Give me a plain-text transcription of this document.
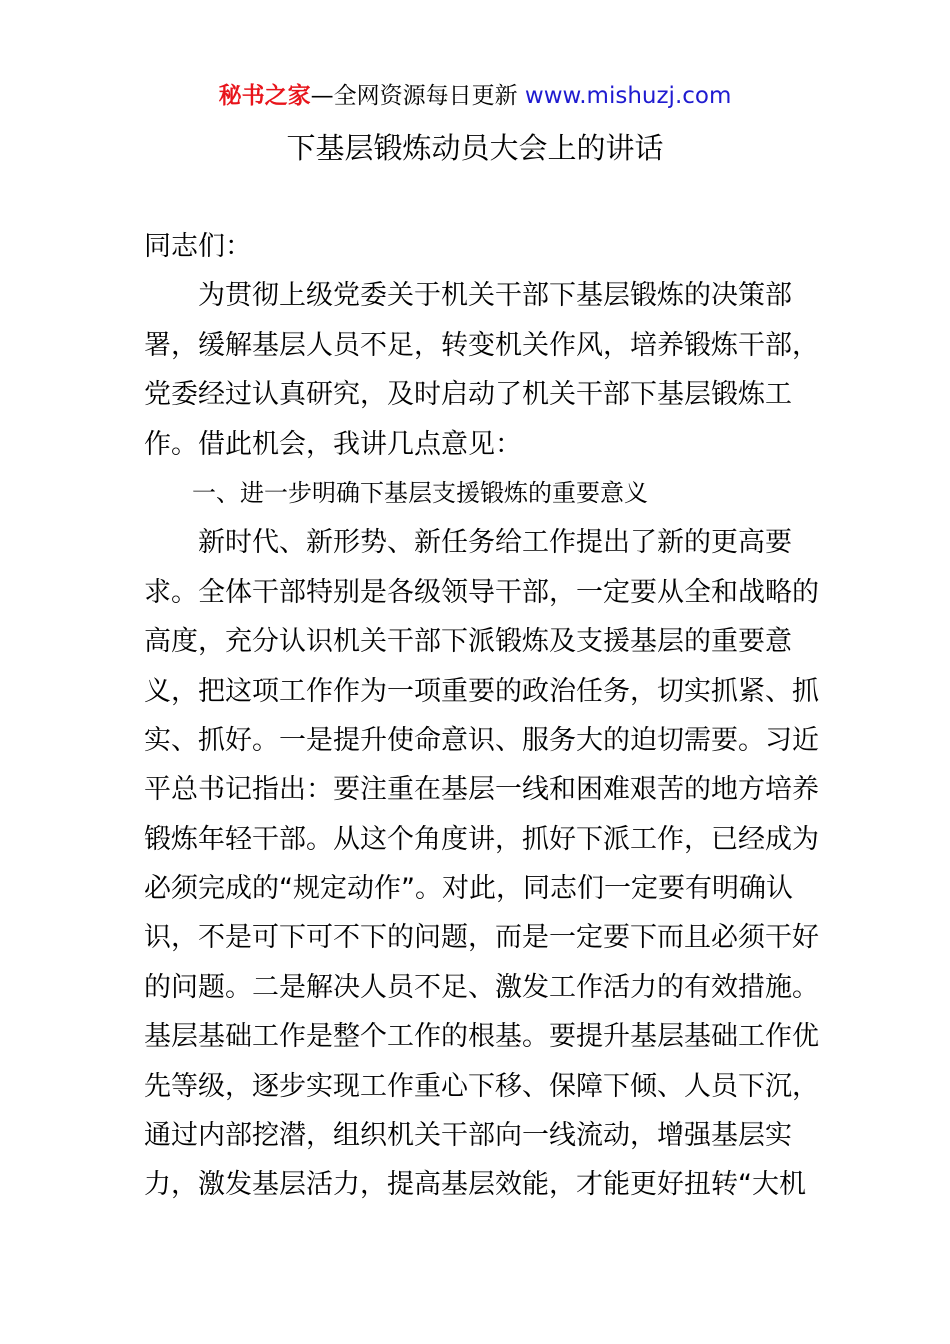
秘书之家—全网资源每日更新 www.mishuzj.com
下基层锻炼动员大会上的讲话
同志们：
　　为贯彻上级党委关于机关干部下基层锻炼的决策部
署，缓解基层人员不足，转变机关作风，培养锻炼干部，
党委经过认真研究，及时启动了机关干部下基层锻炼工
作。借此机会，我讲几点意见：
　　一、进一步明确下基层支援锻炼的重要意义
　　新时代、新形势、新任务给工作提出了新的更高要
求。全体干部特别是各级领导干部，一定要从全和战略的
高度，充分认识机关干部下派锻炼及支援基层的重要意
义，把这项工作作为一项重要的政治任务，切实抓紧、抓
实、抓好。一是提升使命意识、服务大的迫切需要。习近
平总书记指出：要注重在基层一线和困难艰苦的地方培养
锻炼年轻干部。从这个角度讲，抓好下派工作，已经成为
必须完成的“规定动作”。对此，同志们一定要有明确认
识，不是可下可不下的问题，而是一定要下而且必须干好
的问题。二是解决人员不足、激发工作活力的有效措施。
基层基础工作是整个工作的根基。要提升基层基础工作优
先等级，逐步实现工作重心下移、保障下倾、人员下沉，
通过内部挖潜，组织机关干部向一线流动，增强基层实
力，激发基层活力，提高基层效能，才能更好扭转“大机
